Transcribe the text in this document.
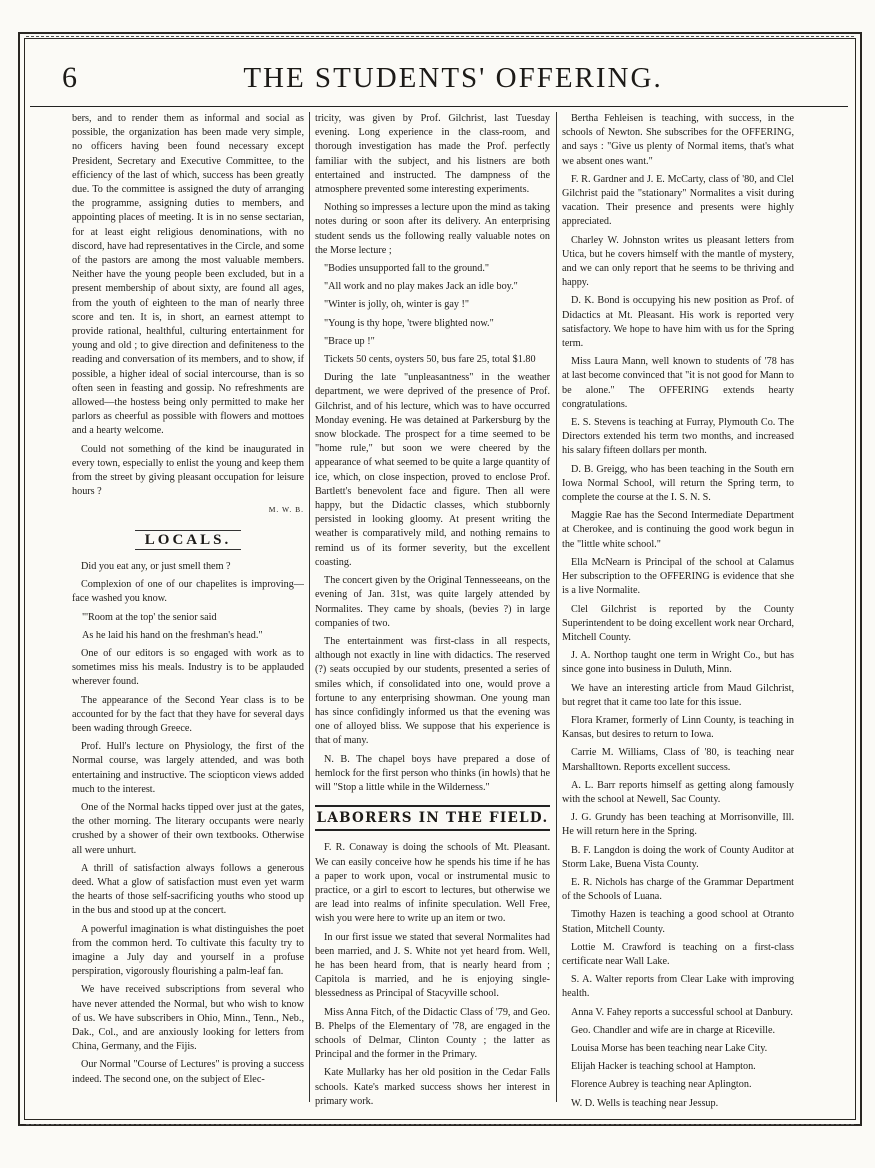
6	THE STUDENTS' OFFERING.

bers, and to render them as informal and social as possible, the organization has been made very simple, no officers having been found necessary except President, Secretary and Executive Committee, to the efficiency of the last of which, success has been greatly due. To the committee is assigned the duty of arranging the programme, assigning duties to members, and appointing places of meeting. It is in no sense sectarian, for at least eight religious denominations, with no discord, have had representatives in the Circle, and some of the pastors are among the most valuable members. Neither have the young people been excluded, but in a present membership of about sixty, are found all ages, from the youth of eighteen to the man of nearly three score and ten. It is, in short, an earnest attempt to provide rational, healthful, culturing entertainment for young and old ; to give direction and definiteness to the reading and conversation of its members, and to show, if possible, a higher ideal of social intercourse, than is so often seen in feasting and gossip. No refreshments are allowed—the hostess being only permitted to make her parlors as cheerful as possible with flowers and mottoes and a hearty welcome.

Could not something of the kind be inaugurated in every town, especially to enlist the young and keep them from the street by giving pleasant occupation for leisure hours ?

M. W. B.

LOCALS.

Did you eat any, or just smell them ?

Complexion of one of our chapelites is improving—face washed you know.

"'Room at the top' the senior said

As he laid his hand on the freshman's head."

One of our editors is so engaged with work as to sometimes miss his meals. Industry is to be applauded wherever found.

The appearance of the Second Year class is to be accounted for by the fact that they have for several days been wading through Greece.

Prof. Hull's lecture on Physiology, the first of the Normal course, was largely attended, and was both entertaining and instructive. The sciopticon views added much to the interest.

One of the Normal hacks tipped over just at the gates, the other morning. The literary occupants were nearly crushed by a shower of their own textbooks. Otherwise all were unhurt.

A thrill of satisfaction always follows a generous deed. What a glow of satisfaction must even yet warm the hearts of those self-sacrificing youths who stood up in the bus and stood up at the concert.

A powerful imagination is what distinguishes the poet from the common herd. To cultivate this faculty try to imagine a July day and yourself in a profuse perspiration, vigorously flourishing a palm-leaf fan.

We have received subscriptions from several who have never attended the Normal, but who wish to know of us. We have subscribers in Ohio, Minn., Tenn., Neb., Dak., Col., and are anxiously looking for letters from China, Germany, and the Fijis.

Our Normal "Course of Lectures" is proving a success indeed. The second one, on the subject of Elec-

tricity, was given by Prof. Gilchrist, last Tuesday evening. Long experience in the class-room, and thorough investigation has made the Prof. perfectly familiar with the subject, and his listners are both entertained and instructed. The dampness of the atmosphere prevented some interesting experiments.

Nothing so impresses a lecture upon the mind as taking notes during or soon after its delivery. An enterprising student sends us the following really valuable notes on the Morse lecture ;

"Bodies unsupported fall to the ground."

"All work and no play makes Jack an idle boy."

"Winter is jolly, oh, winter is gay !"

"Young is thy hope, 'twere blighted now."

"Brace up !"

Tickets 50 cents, oysters 50, bus fare 25, total $1.80

During the late "unpleasantness" in the weather department, we were deprived of the presence of Prof. Gilchrist, and of his lecture, which was to have occurred Monday evening. He was detained at Parkersburg by the snow blockade. The prospect for a time seemed to be "home rule," but soon we were cheered by the appearance of what seemed to be quite a large quantity of ice, which, on close inspection, proved to enclose Prof. Bartlett's benevolent face and figure. Then all were happy, but the Didactic classes, which stubbornly persisted in looking gloomy. At present writing the weather is comparatively mild, and nothing remains to remind us of its former severity, but the excellent coasting.

The concert given by the Original Tennesseeans, on the evening of Jan. 31st, was quite largely attended by Normalites. They came by shoals, (bevies ?) in large companies of two.

The entertainment was first-class in all respects, although not exactly in line with didactics. The reserved (?) seats occupied by our students, presented a series of smiles which, if consolidated into one, would prove a fortune to any enterprising showman. One young man has since confidingly informed us that the evening was one of alloyed bliss. We suppose that his experience is that of many.

N. B. The chapel boys have prepared a dose of hemlock for the first person who thinks (in howls) that he will "Stop a little while in the Wilderness."

LABORERS IN THE FIELD.

F. R. Conaway is doing the schools of Mt. Pleasant. We can easily conceive how he spends his time if he has a paper to work upon, vocal or instrumental music to practice, or a girl to escort to lectures, but otherwise we are lead into realms of infinite speculation. Well Free, wish you were here to write up an item or two.

In our first issue we stated that several Normalites had been married, and J. S. White not yet heard from. Well, he has been heard from, that is nearly heard from ; Capitola is married, and he is enjoying single-blessedness as Principal of Stacyville school.

Miss Anna Fitch, of the Didactic Class of '79, and Geo. B. Phelps of the Elementary of '78, are engaged in the schools of Delmar, Clinton County ; the latter as Principal and the former in the Primary.

Kate Mullarky has her old position in the Cedar Falls schools. Kate's marked success shows her interest in primary work.

Bertha Fehleisen is teaching, with success, in the schools of Newton. She subscribes for the OFFERING, and says : "Give us plenty of Normal items, that's what we absent ones want."

F. R. Gardner and J. E. McCarty, class of '80, and Clel Gilchrist paid the "stationary" Normalites a visit during vacation. Their presence and presents were highly appreciated.

Charley W. Johnston writes us pleasant letters from Utica, but he covers himself with the mantle of mystery, and we can only report that he seems to be thriving and happy.

D. K. Bond is occupying his new position as Prof. of Didactics at Mt. Pleasant. His work is reported very satisfactory. We hope to have him with us for the Spring term.

Miss Laura Mann, well known to students of '78 has at last become convinced that "it is not good for Mann to be alone." The OFFERING extends hearty congratulations.

E. S. Stevens is teaching at Furray, Plymouth Co. The Directors extended his term two months, and increased his salary fifteen dollars per month.

D. B. Greigg, who has been teaching in the South ern Iowa Normal School, will return the Spring term, to complete the course at the I. S. N. S.

Maggie Rae has the Second Intermediate Department at Cherokee, and is continuing the good work begun in the "little white school."

Ella McNearn is Principal of the school at Calamus Her subscription to the OFFERING is evidence that she is a live Normalite.

Clel Gilchrist is reported by the County Superintendent to be doing excellent work near Orchard, Mitchell County.

J. A. Northop taught one term in Wright Co., but has since gone into business in Duluth, Minn.

We have an interesting article from Maud Gilchrist, but regret that it came too late for this issue.

Flora Kramer, formerly of Linn County, is teaching in Kansas, but desires to return to Iowa.

Carrie M. Williams, Class of '80, is teaching near Marshalltown. Reports excellent success.

A. L. Barr reports himself as getting along famously with the school at Newell, Sac County.

J. G. Grundy has been teaching at Morrisonville, Ill. He will return here in the Spring.

B. F. Langdon is doing the work of County Auditor at Storm Lake, Buena Vista County.

E. R. Nichols has charge of the Grammar Department of the Schools of Luana.

Timothy Hazen is teaching a good school at Otranto Station, Mitchell County.

Lottie M. Crawford is teaching on a first-class certificate near Wall Lake.

S. A. Walter reports from Clear Lake with improving health.

Anna V. Fahey reports a successful school at Danbury.

Geo. Chandler and wife are in charge at Riceville.

Louisa Morse has been teaching near Lake City.

Elijah Hacker is teaching school at Hampton.

Florence Aubrey is teaching near Aplington.

W. D. Wells is teaching near Jessup.
